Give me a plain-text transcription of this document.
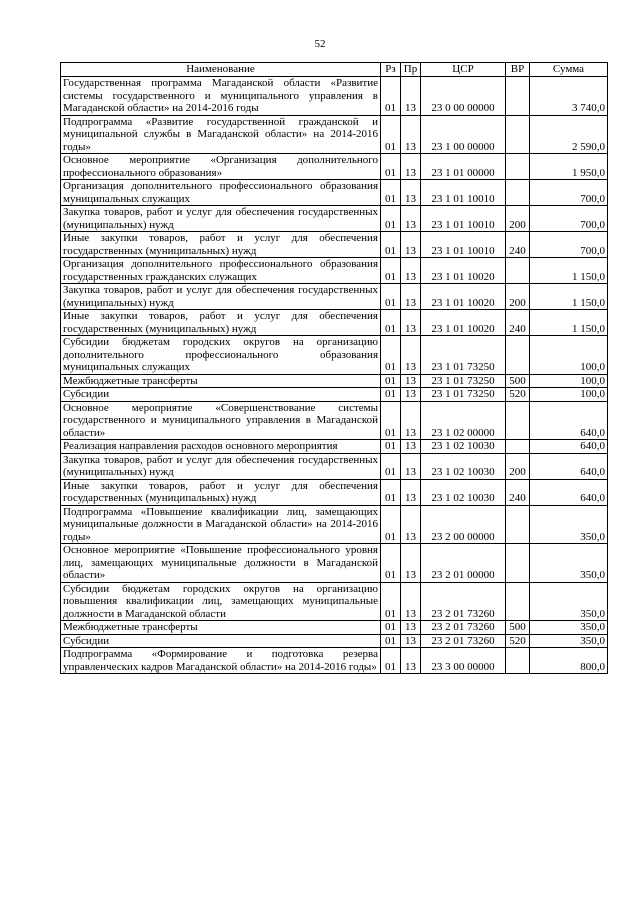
52
Наименование	Рз	Пр	ЦСР	ВР	Сумма
Государственная программа Магаданской области «Развитие системы государственного и муниципального управления в Магаданской области» на 2014-2016 годы	01	13	23 0 00 00000		3 740,0
Подпрограмма «Развитие государственной гражданской и муниципальной службы в Магаданской области» на 2014-2016 годы»	01	13	23 1 00 00000		2 590,0
Основное мероприятие «Организация дополнительного профессионального образования»	01	13	23 1 01 00000		1 950,0
Организация дополнительного профессионального образования муниципальных служащих	01	13	23 1 01 10010		700,0
Закупка товаров, работ и услуг для обеспечения государственных (муниципальных) нужд	01	13	23 1 01 10010	200	700,0
Иные закупки товаров, работ и услуг для обеспечения государственных (муниципальных) нужд	01	13	23 1 01 10010	240	700,0
Организация дополнительного профессионального образования государственных гражданских служащих	01	13	23 1 01 10020		1 150,0
Закупка товаров, работ и услуг для обеспечения государственных (муниципальных) нужд	01	13	23 1 01 10020	200	1 150,0
Иные закупки товаров, работ и услуг для обеспечения государственных (муниципальных) нужд	01	13	23 1 01 10020	240	1 150,0
Субсидии бюджетам городских округов на организацию дополнительного профессионального образования муниципальных служащих	01	13	23 1 01 73250		100,0
Межбюджетные трансферты	01	13	23 1 01 73250	500	100,0
Субсидии	01	13	23 1 01 73250	520	100,0
Основное мероприятие «Совершенствование системы государственного и муниципального управления в Магаданской области»	01	13	23 1 02 00000		640,0
Реализация направления расходов основного мероприятия	01	13	23 1 02 10030		640,0
Закупка товаров, работ и услуг для обеспечения государственных (муниципальных) нужд	01	13	23 1 02 10030	200	640,0
Иные закупки товаров, работ и услуг для обеспечения государственных (муниципальных) нужд	01	13	23 1 02 10030	240	640,0
Подпрограмма «Повышение квалификации лиц, замещающих муниципальные должности в Магаданской области» на 2014-2016 годы»	01	13	23 2 00 00000		350,0
Основное мероприятие «Повышение профессионального уровня лиц, замещающих муниципальные должности в Магаданской области»	01	13	23 2 01 00000		350,0
Субсидии бюджетам городских округов на организацию повышения квалификации лиц, замещающих муниципальные должности в Магаданской области	01	13	23 2 01 73260		350,0
Межбюджетные трансферты	01	13	23 2 01 73260	500	350,0
Субсидии	01	13	23 2 01 73260	520	350,0
Подпрограмма «Формирование и подготовка резерва управленческих кадров Магаданской области» на 2014-2016 годы»	01	13	23 3 00 00000		800,0
